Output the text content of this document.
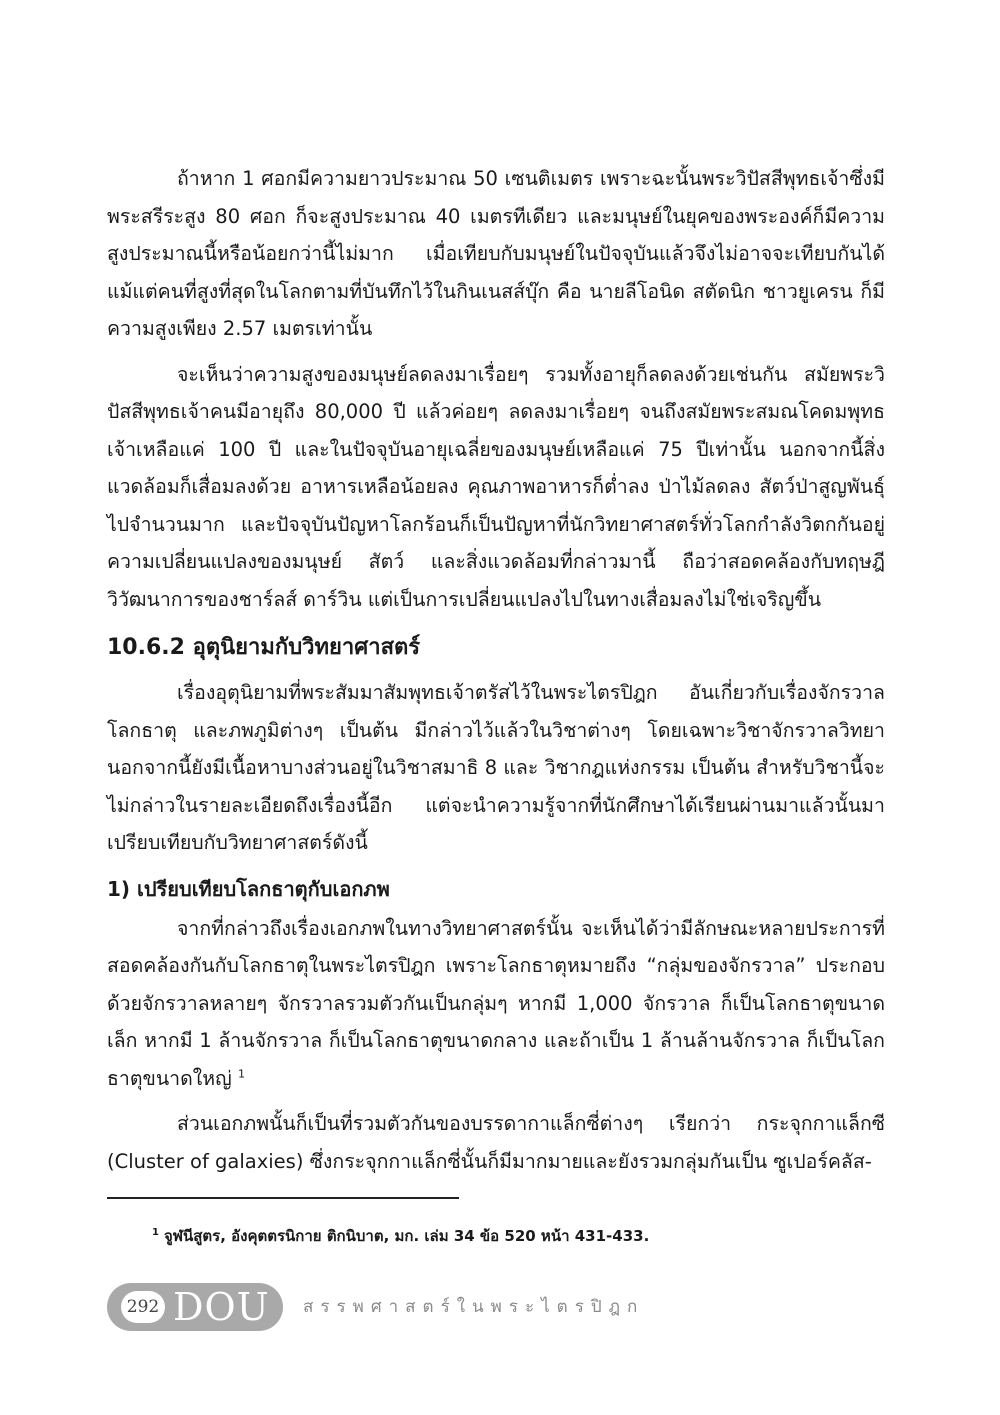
ถ้าหาก 1 ศอกมีความยาวประมาณ 50 เซนติเมตร เพราะฉะนั้นพระวิปัสสีพุทธเจ้าซึ่งมีพระสรีระสูง 80 ศอก ก็จะสูงประมาณ 40 เมตรทีเดียว และมนุษย์ในยุคของพระองค์ก็มีความสูงประมาณนี้หรือน้อยกว่านี้ไม่มาก เมื่อเทียบกับมนุษย์ในปัจจุบันแล้วจึงไม่อาจจะเทียบกันได้ แม้แต่คนที่สูงที่สุดในโลกตามที่บันทึกไว้ในกินเนสส์บุ๊ก คือ นายลีโอนิด สตัดนิก ชาวยูเครน ก็มีความสูงเพียง 2.57 เมตรเท่านั้น

จะเห็นว่าความสูงของมนุษย์ลดลงมาเรื่อยๆ รวมทั้งอายุก็ลดลงด้วยเช่นกัน สมัยพระวิปัสสีพุทธเจ้าคนมีอายุถึง 80,000 ปี แล้วค่อยๆ ลดลงมาเรื่อยๆ จนถึงสมัยพระสมณโคดมพุทธเจ้าเหลือแค่ 100 ปี และในปัจจุบันอายุเฉลี่ยของมนุษย์เหลือแค่ 75 ปีเท่านั้น นอกจากนี้สิ่งแวดล้อมก็เสื่อมลงด้วย อาหารเหลือน้อยลง คุณภาพอาหารก็ต่ำลง ป่าไม้ลดลง สัตว์ป่าสูญพันธุ์ไปจำนวนมาก และปัจจุบันปัญหาโลกร้อนก็เป็นปัญหาที่นักวิทยาศาสตร์ทั่วโลกกำลังวิตกกันอยู่ ความเปลี่ยนแปลงของมนุษย์ สัตว์ และสิ่งแวดล้อมที่กล่าวมานี้ ถือว่าสอดคล้องกับทฤษฎีวิวัฒนาการของชาร์ลส์ ดาร์วิน แต่เป็นการเปลี่ยนแปลงไปในทางเสื่อมลงไม่ใช่เจริญขึ้น

10.6.2 อุตุนิยามกับวิทยาศาสตร์

เรื่องอุตุนิยามที่พระสัมมาสัมพุทธเจ้าตรัสไว้ในพระไตรปิฎก อันเกี่ยวกับเรื่องจักรวาลโลกธาตุ และภพภูมิต่างๆ เป็นต้น มีกล่าวไว้แล้วในวิชาต่างๆ โดยเฉพาะวิชาจักรวาลวิทยานอกจากนี้ยังมีเนื้อหาบางส่วนอยู่ในวิชาสมาธิ 8 และ วิชากฎแห่งกรรม เป็นต้น สำหรับวิชานี้จะไม่กล่าวในรายละเอียดถึงเรื่องนี้อีก แต่จะนำความรู้จากที่นักศึกษาได้เรียนผ่านมาแล้วนั้นมาเปรียบเทียบกับวิทยาศาสตร์ดังนี้

1) เปรียบเทียบโลกธาตุกับเอกภพ

จากที่กล่าวถึงเรื่องเอกภพในทางวิทยาศาสตร์นั้น จะเห็นได้ว่ามีลักษณะหลายประการที่สอดคล้องกันกับโลกธาตุในพระไตรปิฎก เพราะโลกธาตุหมายถึง “กลุ่มของจักรวาล” ประกอบด้วยจักรวาลหลายๆ จักรวาลรวมตัวกันเป็นกลุ่มๆ หากมี 1,000 จักรวาล ก็เป็นโลกธาตุขนาดเล็ก หากมี 1 ล้านจักรวาล ก็เป็นโลกธาตุขนาดกลาง และถ้าเป็น 1 ล้านล้านจักรวาล ก็เป็นโลกธาตุขนาดใหญ่ $^1$

ส่วนเอกภพนั้นก็เป็นที่รวมตัวกันของบรรดากาแล็กซี่ต่างๆ เรียกว่า กระจุกกาแล็กซี (Cluster of galaxies) ซึ่งกระจุกกาแล็กซี่นั้นก็มีมากมายและยังรวมกลุ่มกันเป็น ซูเปอร์คลัส-

$^1$ จูฬนีสูตร, อังคุตตรนิกาย ติกนิบาต, มก. เล่ม 34 ข้อ 520 หน้า 431-433.
292 DOU สรรพศาสตร์ในพระไตรปิฎก
